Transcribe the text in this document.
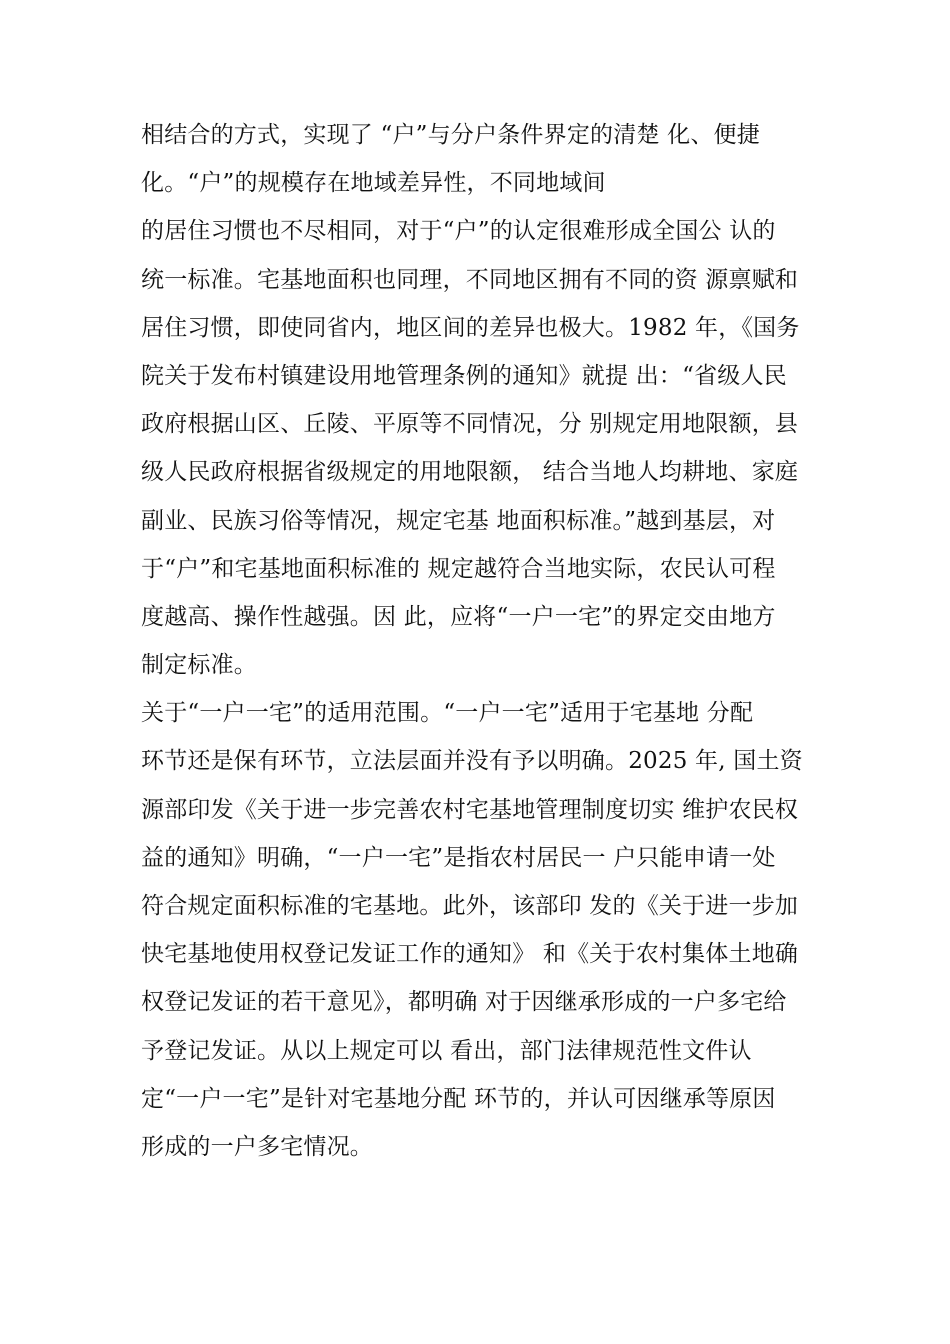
相结合的方式，实现了 “户”与分户条件界定的清楚 化、便捷
化。“户”的规模存在地域差异性，不同地域间
的居住习惯也不尽相同，对于“户”的认定很难形成全国公 认的
统一标准。宅基地面积也同理，不同地区拥有不同的资 源禀赋和
居住习惯，即使同省内，地区间的差异也极大。1982 年，《国务
院关于发布村镇建设用地管理条例的通知》就提 出：“省级人民
政府根据山区、丘陵、平原等不同情况，分 别规定用地限额，县
级人民政府根据省级规定的用地限额， 结合当地人均耕地、家庭
副业、民族习俗等情况，规定宅基 地面积标准。”越到基层，对
于“户”和宅基地面积标准的 规定越符合当地实际，农民认可程
度越高、操作性越强。因 此，应将“一户一宅”的界定交由地方
制定标准。
关于“一户一宅”的适用范围。“一户一宅”适用于宅基地 分配
环节还是保有环节，立法层面并没有予以明确。2025 年, 国土资
源部印发《关于进一步完善农村宅基地管理制度切实 维护农民权
益的通知》明确，“一户一宅”是指农村居民一 户只能申请一处
符合规定面积标准的宅基地。此外，该部印 发的《关于进一步加
快宅基地使用权登记发证工作的通知》 和《关于农村集体土地确
权登记发证的若干意见》，都明确 对于因继承形成的一户多宅给
予登记发证。从以上规定可以 看出，部门法律规范性文件认
定“一户一宅”是针对宅基地分配 环节的，并认可因继承等原因
形成的一户多宅情况。
